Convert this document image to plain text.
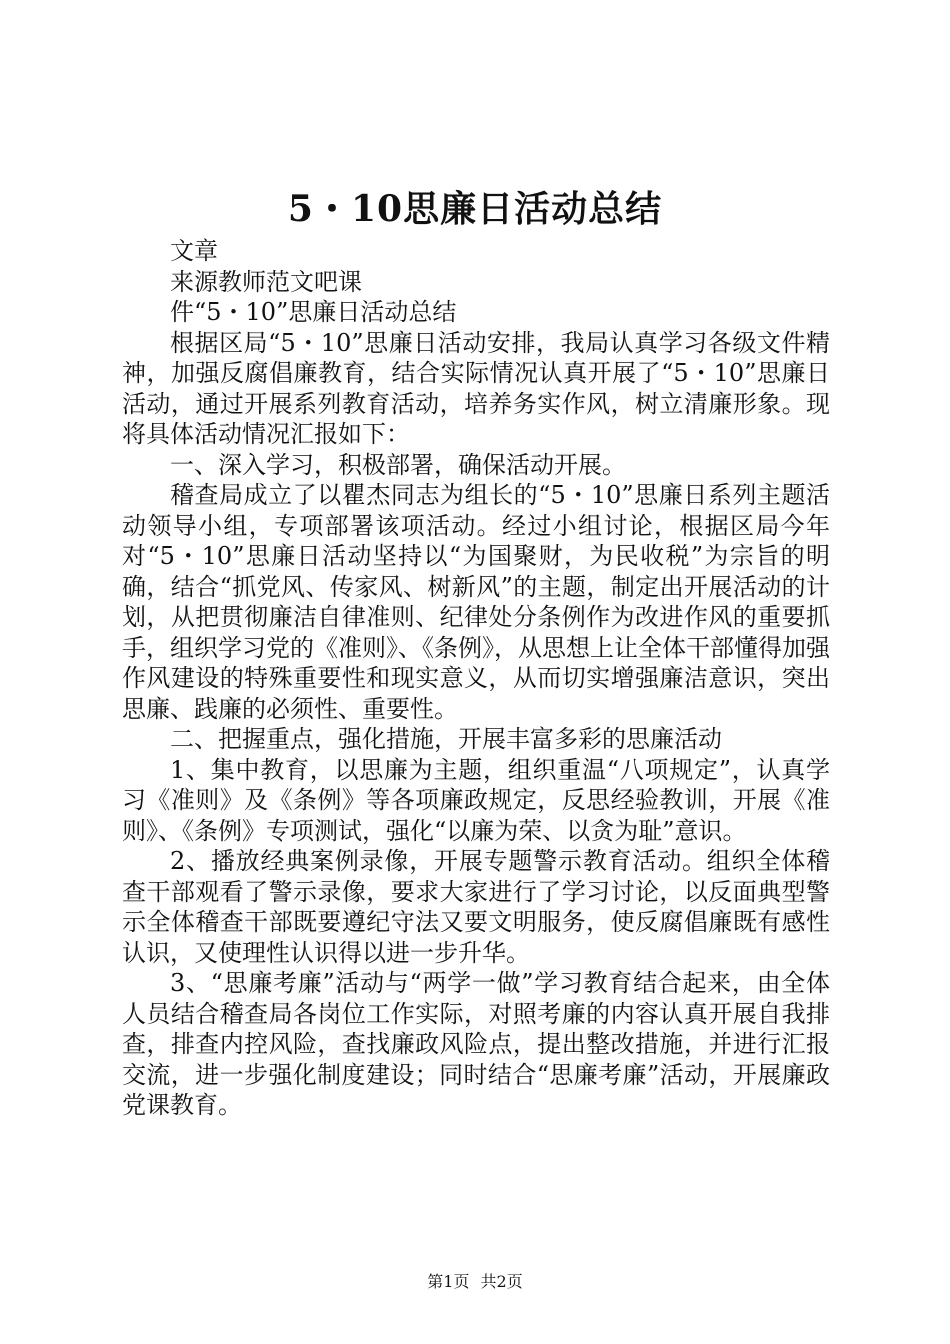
5・10思廉日活动总结

文章

来源教师范文吧课

件“5・10”思廉日活动总结

根据区局“5・10”思廉日活动安排，我局认真学习各级文件精神，加强反腐倡廉教育，结合实际情况认真开展了“5・10”思廉日活动，通过开展系列教育活动，培养务实作风，树立清廉形象。现将具体活动情况汇报如下：

一、深入学习，积极部署，确保活动开展。

稽查局成立了以瞿杰同志为组长的“5・10”思廉日系列主题活动领导小组，专项部署该项活动。经过小组讨论，根据区局今年对“5・10”思廉日活动坚持以“为国聚财，为民收税”为宗旨的明确，结合“抓党风、传家风、树新风”的主题，制定出开展活动的计划，从把贯彻廉洁自律准则、纪律处分条例作为改进作风的重要抓手，组织学习党的《准则》、《条例》，从思想上让全体干部懂得加强作风建设的特殊重要性和现实意义，从而切实增强廉洁意识，突出思廉、践廉的必须性、重要性。

二、把握重点，强化措施，开展丰富多彩的思廉活动

1、集中教育，以思廉为主题，组织重温“八项规定”，认真学习《准则》及《条例》等各项廉政规定，反思经验教训，开展《准则》、《条例》专项测试，强化“以廉为荣、以贪为耻”意识。

2、播放经典案例录像，开展专题警示教育活动。组织全体稽查干部观看了警示录像，要求大家进行了学习讨论，以反面典型警示全体稽查干部既要遵纪守法又要文明服务，使反腐倡廉既有感性认识，又使理性认识得以进一步升华。

3、“思廉考廉”活动与“两学一做”学习教育结合起来，由全体人员结合稽查局各岗位工作实际，对照考廉的内容认真开展自我排查，排查内控风险，查找廉政风险点，提出整改措施，并进行汇报交流，进一步强化制度建设；同时结合“思廉考廉”活动，开展廉政党课教育。

第1页 共2页
